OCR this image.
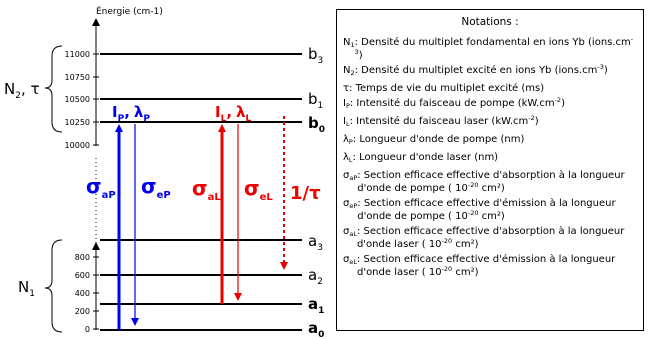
Énergie (cm-1)
11000
10750
10500
10250
10000
800
600
400
200
0
$b_3$
$b_1$
$b_0$
$a_3$
$a_2$
$a_1$
$a_0$
$N_2$, τ
$N_1$
$I_P$, $\lambda_P$	$I_L$, $\lambda_L$
$\sigma_{aP}$ $\sigma_{eP}$ $\sigma_{aL}$ $\sigma_{eL}$ 1/τ
Notations :
$N_1$ : Densité du multiplet fondamental en ions Yb $(ions.cm^{-3})$
$N_2$ : Densité du multiplet excité en ions Yb $(ions.cm^{-3})$
τ : Temps de vie du multiplet excité (ms)
$I_P$ : Intensité du faisceau de pompe $(kW.cm^{-2})$
$I_L$ : Intensité du faisceau laser $(kW.cm^{-2})$
$\lambda_P$ : Longueur d'onde de pompe (nm)
$\lambda_L$ : Longueur d'onde laser (nm)
$\sigma_{aP}$ : Section efficace effective d'absorption à la longueur d'onde de pompe ( $10^{-20}$ cm²)
$\sigma_{eP}$ : Section efficace effective d'émission à la longueur d'onde de pompe ( $10^{-20}$ cm²)
$\sigma_{aL}$ : Section efficace effective d'absorption à la longueur d'onde laser ( $10^{-20}$ cm²)
$\sigma_{eL}$ : Section efficace effective d'émission à la longueur d'onde laser ( $10^{-20}$ cm²)
